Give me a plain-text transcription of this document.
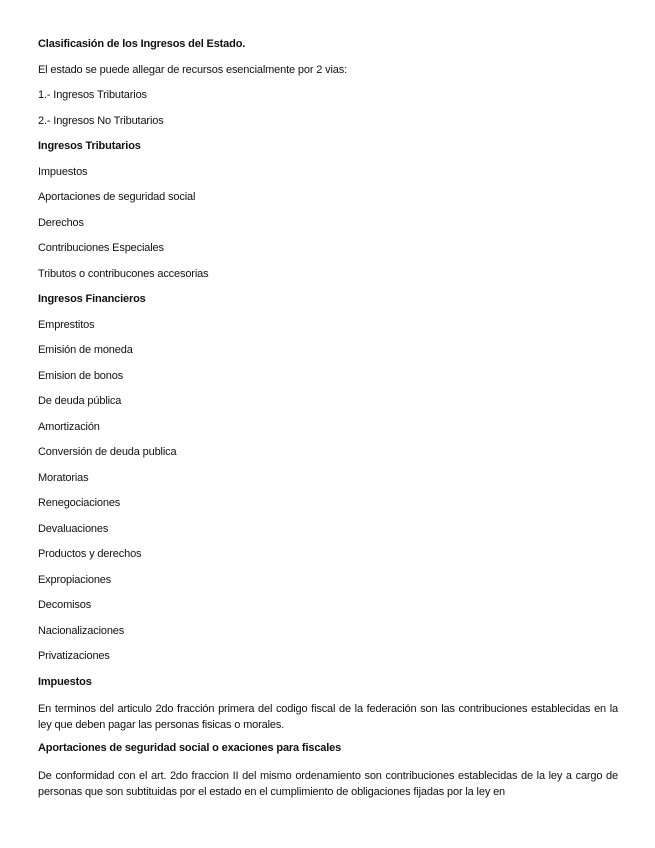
Clasificasión de los Ingresos del Estado.
El estado se puede allegar de recursos esencialmente por 2 vias:
1.- Ingresos Tributarios
2.- Ingresos No Tributarios
Ingresos Tributarios
Impuestos
Aportaciones de seguridad social
Derechos
Contribuciones Especiales
Tributos o contribucones accesorias
Ingresos Financieros
Emprestitos
Emisión de moneda
Emision de bonos
De deuda pública
Amortización
Conversión de deuda publica
Moratorias
Renegociaciones
Devaluaciones
Productos y derechos
Expropiaciones
Decomisos
Nacionalizaciones
Privatizaciones
Impuestos
En terminos del articulo 2do fracción primera del codigo fiscal de la federación son las contribuciones establecidas en la ley que deben pagar las personas fisicas o morales.
Aportaciones de seguridad social o exaciones para fiscales
De conformidad con el art. 2do fraccion II del mismo ordenamiento son contribuciones establecidas de la ley a cargo de personas que son subtituidas por el estado en el cumplimiento de obligaciones fijadas por la ley en
